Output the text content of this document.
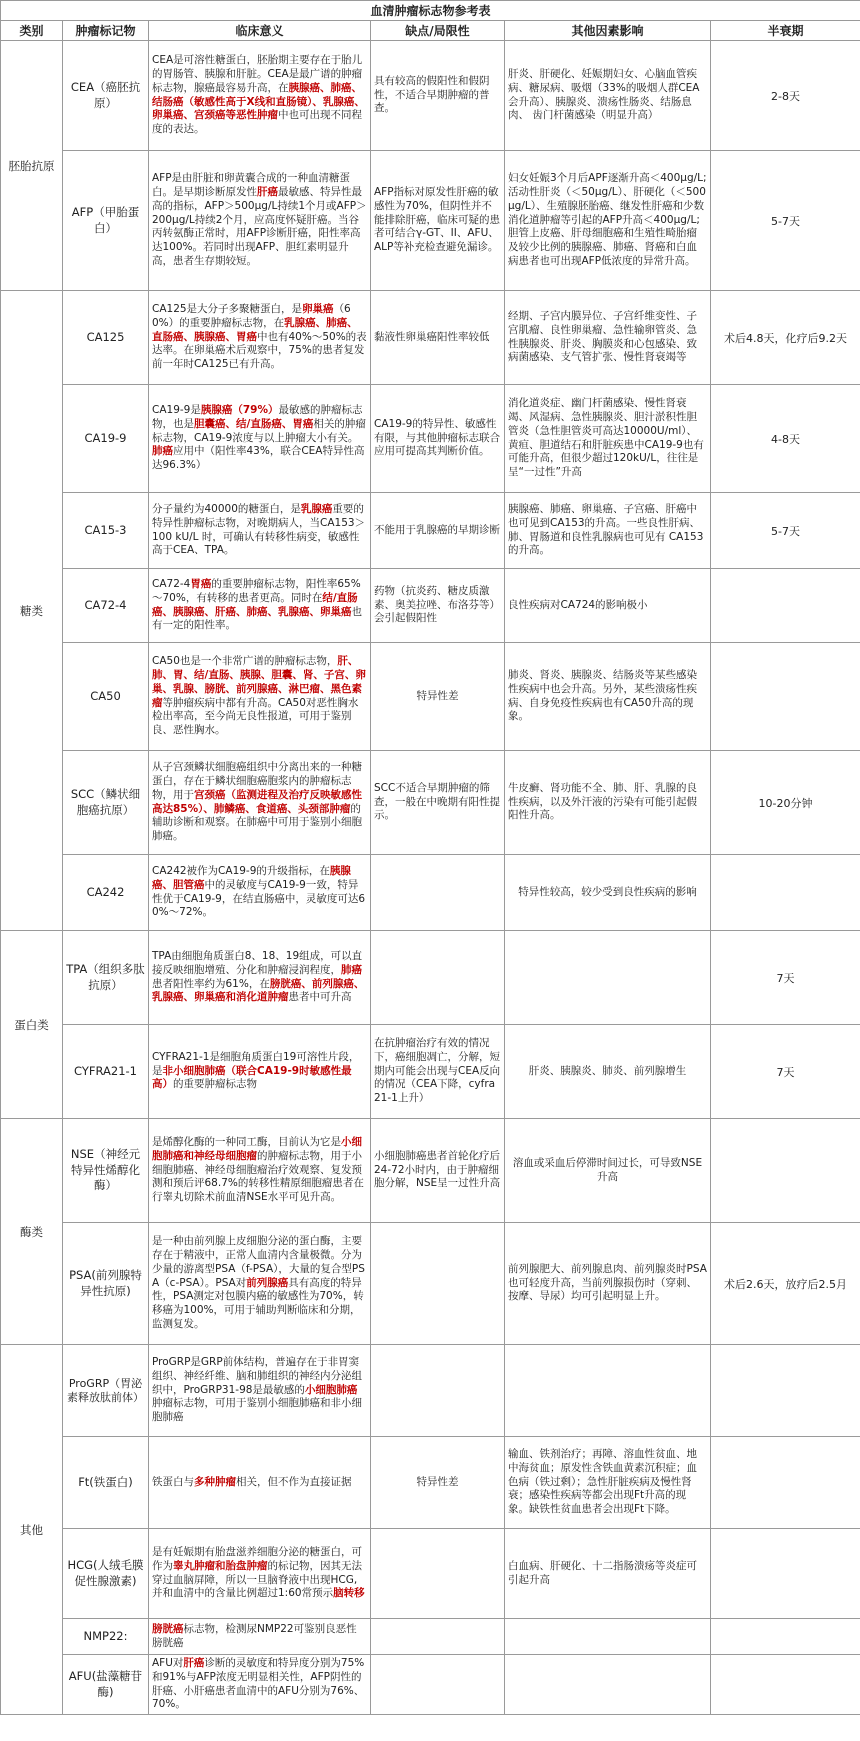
血清肿瘤标志物参考表					
类别	肿瘤标记物	临床意义	缺点/局限性	其他因素影响	半衰期
胚胎抗原	CEA（癌胚抗原）	CEA是可溶性糖蛋白，胚胎期主要存在于胎儿的胃肠管、胰腺和肝脏。CEA是最广谱的肿瘤标志物，腺癌最容易升高，在胰腺癌、肺癌、结肠癌（敏感性高于X线和直肠镜）、乳腺癌、卵巢癌、宫颈癌等恶性肿瘤中也可出现不同程度的表达。	具有较高的假阳性和假阴性，不适合早期肿瘤的普查。	肝炎、肝硬化、妊娠期妇女、心脑血管疾病、糖尿病、吸烟（33%的吸烟人群CEA会升高）、胰腺炎、溃疡性肠炎、结肠息肉、 齿门杆菌感染（明显升高）	2-8天
	AFP（甲胎蛋白）	AFP是由肝脏和卵黄囊合成的一种血清糖蛋白。是早期诊断原发性肝癌最敏感、特异性最高的指标，AFP＞500μg/L持续1个月或AFP＞200μg/L持续2个月，应高度怀疑肝癌。当谷丙转氨酶正常时，用AFP诊断肝癌，阳性率高达100%。若同时出现AFP、胆红素明显升高，患者生存期较短。	AFP指标对原发性肝癌的敏感性为70%，但阴性并不能排除肝癌，临床可疑的患者可结合γ-GT、II、AFU、ALP等补充检查避免漏诊。	妇女妊娠3个月后APF逐渐升高＜400μg/L;活动性肝炎（＜50μg/L）、肝硬化（＜500μg/L）、生殖腺胚胎癌、继发性肝癌和少数消化道肿瘤等引起的AFP升高＜400μg/L;胆管上皮癌、肝母细胞癌和生殖性畸胎瘤及较少比例的胰腺癌、肺癌、肾癌和白血病患者也可出现AFP低浓度的异常升高。	5-7天
糖类	CA125	CA125是大分子多聚糖蛋白，是卵巢癌（60%）的重要肿瘤标志物，在乳腺癌、肺癌、直肠癌、胰腺癌、胃癌中也有40%～50%的表达率。在卵巢癌术后观察中，75%的患者复发前一年时CA125已有升高。	黏液性卵巢癌阳性率较低	经期、子宫内膜异位、子宫纤维变性、子宫肌瘤、良性卵巢瘤、急性输卵管炎、急性胰腺炎、肝炎、胸膜炎和心包感染、致病菌感染、支气管扩张、慢性肾衰竭等	术后4.8天，化疗后9.2天
	CA19-9	CA19-9是胰腺癌（79%）最敏感的肿瘤标志物，也是胆囊癌、结/直肠癌、胃癌相关的肿瘤标志物，CA19-9浓度与以上肿瘤大小有关。肺癌应用中（阳性率43%，联合CEA特异性高达96.3%）	CA19-9的特异性、敏感性有限，与其他肿瘤标志联合应用可提高其判断价值。	消化道炎症、幽门杆菌感染、慢性肾衰竭、风湿病、急性胰腺炎、胆汁淤积性胆管炎（急性胆管炎可高达10000U/ml）、黄疸、胆道结石和肝脏疾患中CA19-9也有可能升高，但很少超过120kU/L，往往是呈“一过性”升高	4-8天
	CA15-3	分子量约为40000的糖蛋白，是乳腺癌重要的特异性肿瘤标志物，对晚期病人，当CA153＞100 kU/L 时，可确认有转移性病变，敏感性高于CEA、TPA。	不能用于乳腺癌的早期诊断	胰腺癌、肺癌、卵巢癌、子宫癌、肝癌中也可见到CA153的升高。一些良性肝病、肺、胃肠道和良性乳腺病也可见有 CA153的升高。	5-7天
	CA72-4	CA72-4胃癌的重要肿瘤标志物，阳性率65%～70%，有转移的患者更高。同时在结/直肠癌、胰腺癌、肝癌、肺癌、乳腺癌、卵巢癌也有一定的阳性率。	药物（抗炎药、糖皮质激素、奥美拉唑、布洛芬等）会引起假阳性	良性疾病对CA724的影响极小	
	CA50	CA50也是一个非常广谱的肿瘤标志物，肝、肺、胃、结/直肠、胰腺、胆囊、肾、子宫、卵巢、乳腺、膀胱、前列腺癌、淋巴瘤、黑色素瘤等肿瘤疾病中都有升高。CA50对恶性胸水检出率高，至今尚无良性报道，可用于鉴别良、恶性胸水。	特异性差	肺炎、肾炎、胰腺炎、结肠炎等某些感染性疾病中也会升高。另外，某些溃疡性疾病、自身免疫性疾病也有CA50升高的现象。	
	SCC（鳞状细胞癌抗原）	从子宫颈鳞状细胞癌组织中分离出来的一种糖蛋白，存在于鳞状细胞癌胞浆内的肿瘤标志物，用于宫颈癌（监测进程及治疗反映敏感性高达85%）、肺鳞癌、食道癌、头颈部肿瘤的辅助诊断和观察。在肺癌中可用于鉴别小细胞肺癌。	SCC不适合早期肿瘤的筛查，一般在中晚期有阳性提示。	牛皮癣、肾功能不全、肺、肝、乳腺的良性疾病，以及外汗液的污染有可能引起假阳性升高。	10-20分钟
	CA242	CA242被作为CA19-9的升级指标，在胰腺癌、胆管癌中的灵敏度与CA19-9一致，特异性优于CA19-9，在结直肠癌中，灵敏度可达60%～72%。		特异性较高，较少受到良性疾病的影响	
蛋白类	TPA（组织多肽抗原）	TPA由细胞角质蛋白8、18、19组成，可以直接反映细胞增殖、分化和肿瘤浸润程度，肺癌患者阳性率约为61%，在膀胱癌、前列腺癌、乳腺癌、卵巢癌和消化道肿瘤患者中可升高			7天
	CYFRA21-1	CYFRA21-1是细胞角质蛋白19可溶性片段，是非小细胞肺癌（联合CA19-9时敏感性最高）的重要肿瘤标志物	在抗肿瘤治疗有效的情况下，癌细胞凋亡，分解，短期内可能会出现与CEA反向的情况（CEA下降，cyfra21-1上升）	肝炎、胰腺炎、肺炎、前列腺增生	7天
酶类	NSE（神经元特异性烯醇化酶）	是烯醇化酶的一种同工酶，目前认为它是小细胞肺癌和神经母细胞瘤的肿瘤标志物，用于小细胞肺癌、神经母细胞瘤治疗效观察、复发预测和预后评68.7%的转移性精原细胞瘤患者在行睾丸切除术前血清NSE水平可见升高。	小细胞肺癌患者首轮化疗后24-72小时内，由于肿瘤细胞分解，NSE呈一过性升高	溶血或采血后停滞时间过长，可导致NSE升高	
	PSA(前列腺特异性抗原)	是一种由前列腺上皮细胞分泌的蛋白酶，主要存在于精液中，正常人血清内含量极微。分为少量的游离型PSA（f-PSA），大量的复合型PSA（c-PSA）。PSA对前列腺癌具有高度的特异性，PSA测定对包膜内癌的敏感性为70%，转移癌为100%，可用于辅助判断临床和分期，监测复发。		前列腺肥大、前列腺息肉、前列腺炎时PSA也可轻度升高，当前列腺损伤时（穿刺、按摩、导尿）均可引起明显上升。	术后2.6天，放疗后2.5月
其他	ProGRP（胃泌素释放肽前体）	ProGRP是GRP前体结构，普遍存在于非胃窦组织、神经纤维、脑和肺组织的神经内分泌组织中，ProGRP31-98是最敏感的小细胞肺癌肿瘤标志物，可用于鉴别小细胞肺癌和非小细胞肺癌			
	Ft(铁蛋白)	铁蛋白与多种肿瘤相关，但不作为直接证据	特异性差	输血、铁剂治疗；再障、溶血性贫血、地中海贫血；原发性含铁血黄素沉积症；血色病（铁过剩）；急性肝脏疾病及慢性肾衰；感染性疾病等都会出现Ft升高的现象。缺铁性贫血患者会出现Ft下降。	
	HCG(人绒毛膜促性腺激素)	是有妊娠期有胎盘滋养细胞分泌的糖蛋白，可作为睾丸肿瘤和胎盘肿瘤的标记物，因其无法穿过血脑屏障，所以一旦脑脊液中出现HCG,并和血清中的含量比例超过1:60常预示脑转移		白血病、肝硬化、十二指肠溃疡等炎症可引起升高	
	NMP22:	膀胱癌标志物，检测尿NMP22可鉴别良恶性膀胱癌			
	AFU(盐藻糖苷酶)	AFU对肝癌诊断的灵敏度和特异度分别为75%和91%与AFP浓度无明显相关性，AFP阴性的肝癌、小肝癌患者血清中的AFU分别为76%、70%。			
